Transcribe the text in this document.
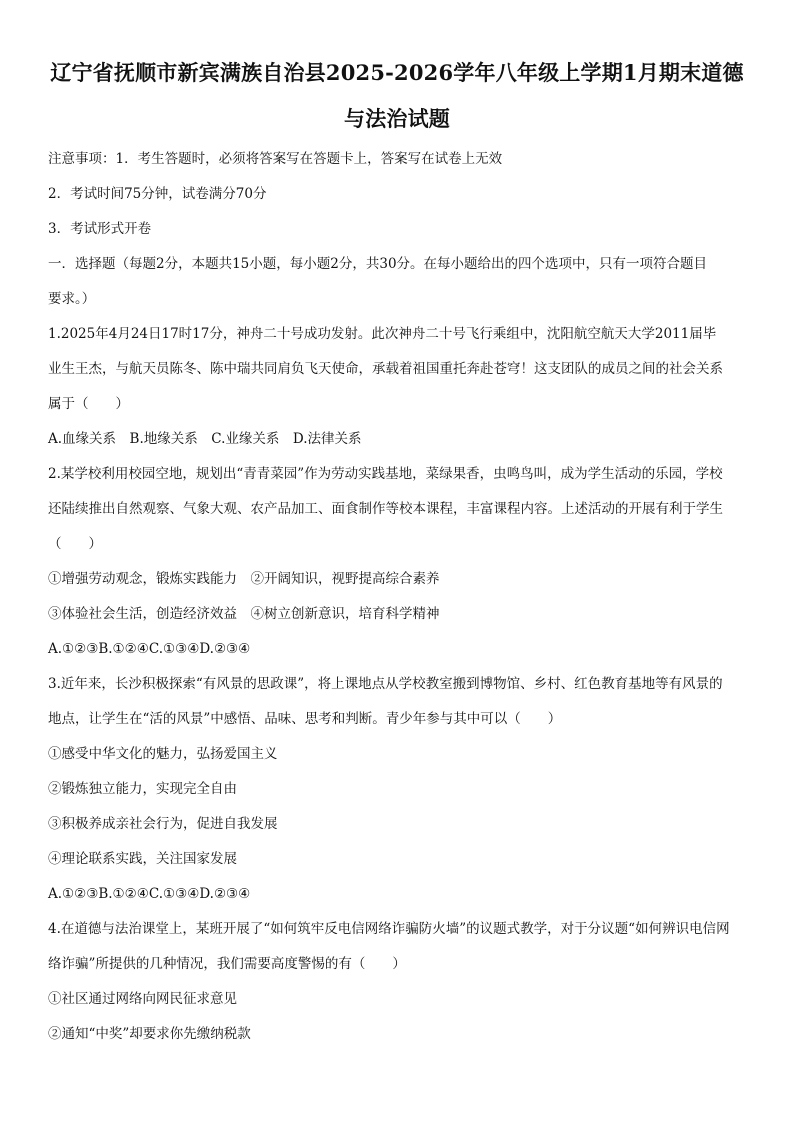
辽宁省抚顺市新宾满族自治县2025-2026学年八年级上学期1月期末道德
与法治试题
注意事项：1．考生答题时，必须将答案写在答题卡上，答案写在试卷上无效
2．考试时间75分钟，试卷满分70分
3．考试形式开卷
一．选择题（每题2分，本题共15小题，每小题2分，共30分。在每小题给出的四个选项中，只有一项符合题目
要求。）
1.2025年4月24日17时17分，神舟二十号成功发射。此次神舟二十号飞行乘组中，沈阳航空航天大学2011届毕
业生王杰，与航天员陈冬、陈中瑞共同肩负飞天使命，承载着祖国重托奔赴苍穹！这支团队的成员之间的社会关系
属于（　　）
A.血缘关系　B.地缘关系　C.业缘关系　D.法律关系
2.某学校利用校园空地，规划出“青青菜园”作为劳动实践基地，菜绿果香，虫鸣鸟叫，成为学生活动的乐园，学校
还陆续推出自然观察、气象大观、农产品加工、面食制作等校本课程，丰富课程内容。上述活动的开展有利于学生
（　　）
①增强劳动观念，锻炼实践能力　②开阔知识，视野提高综合素养
③体验社会生活，创造经济效益　④树立创新意识，培育科学精神
A.①②③B.①②④C.①③④D.②③④
3.近年来，长沙积极探索“有风景的思政课”，将上课地点从学校教室搬到博物馆、乡村、红色教育基地等有风景的
地点，让学生在“活的风景”中感悟、品味、思考和判断。青少年参与其中可以（　　）
①感受中华文化的魅力，弘扬爱国主义
②锻炼独立能力，实现完全自由
③积极养成亲社会行为，促进自我发展
④理论联系实践，关注国家发展
A.①②③B.①②④C.①③④D.②③④
4.在道德与法治课堂上，某班开展了“如何筑牢反电信网络诈骗防火墙”的议题式教学，对于分议题“如何辨识电信网
络诈骗”所提供的几种情况，我们需要高度警惕的有（　　）
①社区通过网络向网民征求意见
②通知“中奖”却要求你先缴纳税款
